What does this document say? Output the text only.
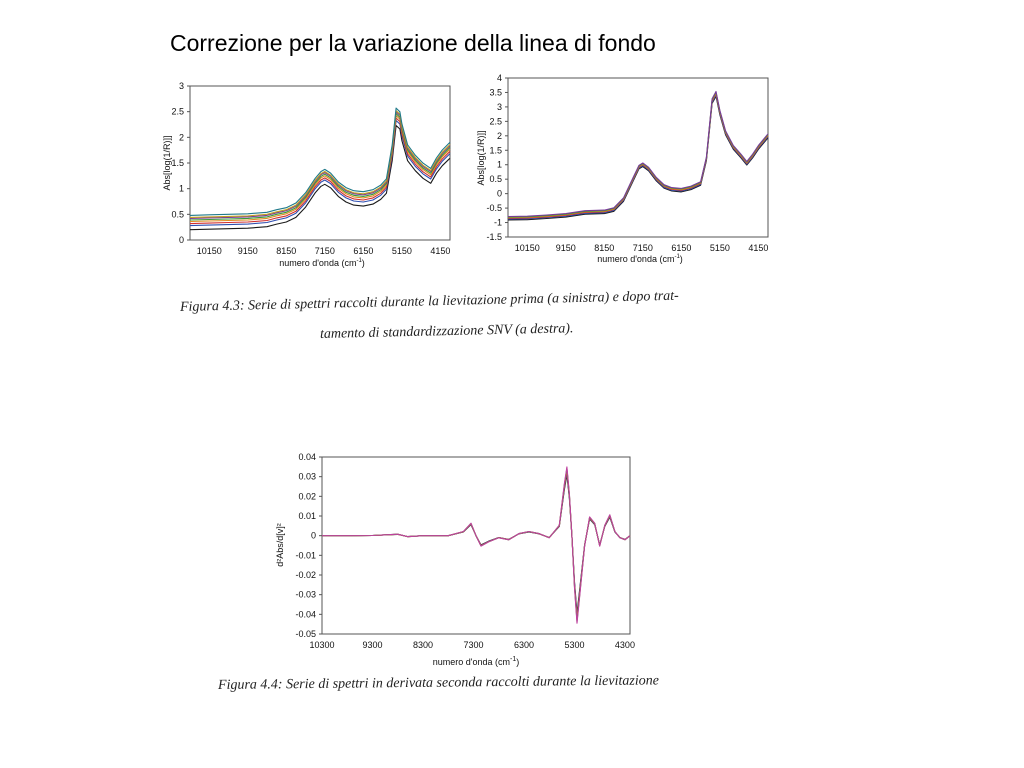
Correzione per la variazione della linea di fondo
0
0.5
1
1.5
2
2.5
3
10150 9150 8150 7150 6150 5150 4150
Abs[log(1/R)]]
numero d'onda $(cm^{-1})$
-1.5
-1
-0.5
0
0.5
1
1.5
2
2.5
3
3.5
4
10150 9150 8150 7150 6150 5150 4150
Abs[log(1/R)]]
numero d'onda $(cm^{-1})$
-0.05
-0.04
-0.03
-0.02
-0.01
0
0.01
0.02
0.03
0.04
10300	9300	8300	7300	6300	5300	4300
d²Abs/d[v]²
numero d'onda $(cm^{-1})$
Figura 4.3: Serie di spettri raccolti durante la lievitazione prima (a sinistra) e dopo trat-
tamento di standardizzazione SNV (a destra).
Figura 4.4: Serie di spettri in derivata seconda raccolti durante la lievitazione
